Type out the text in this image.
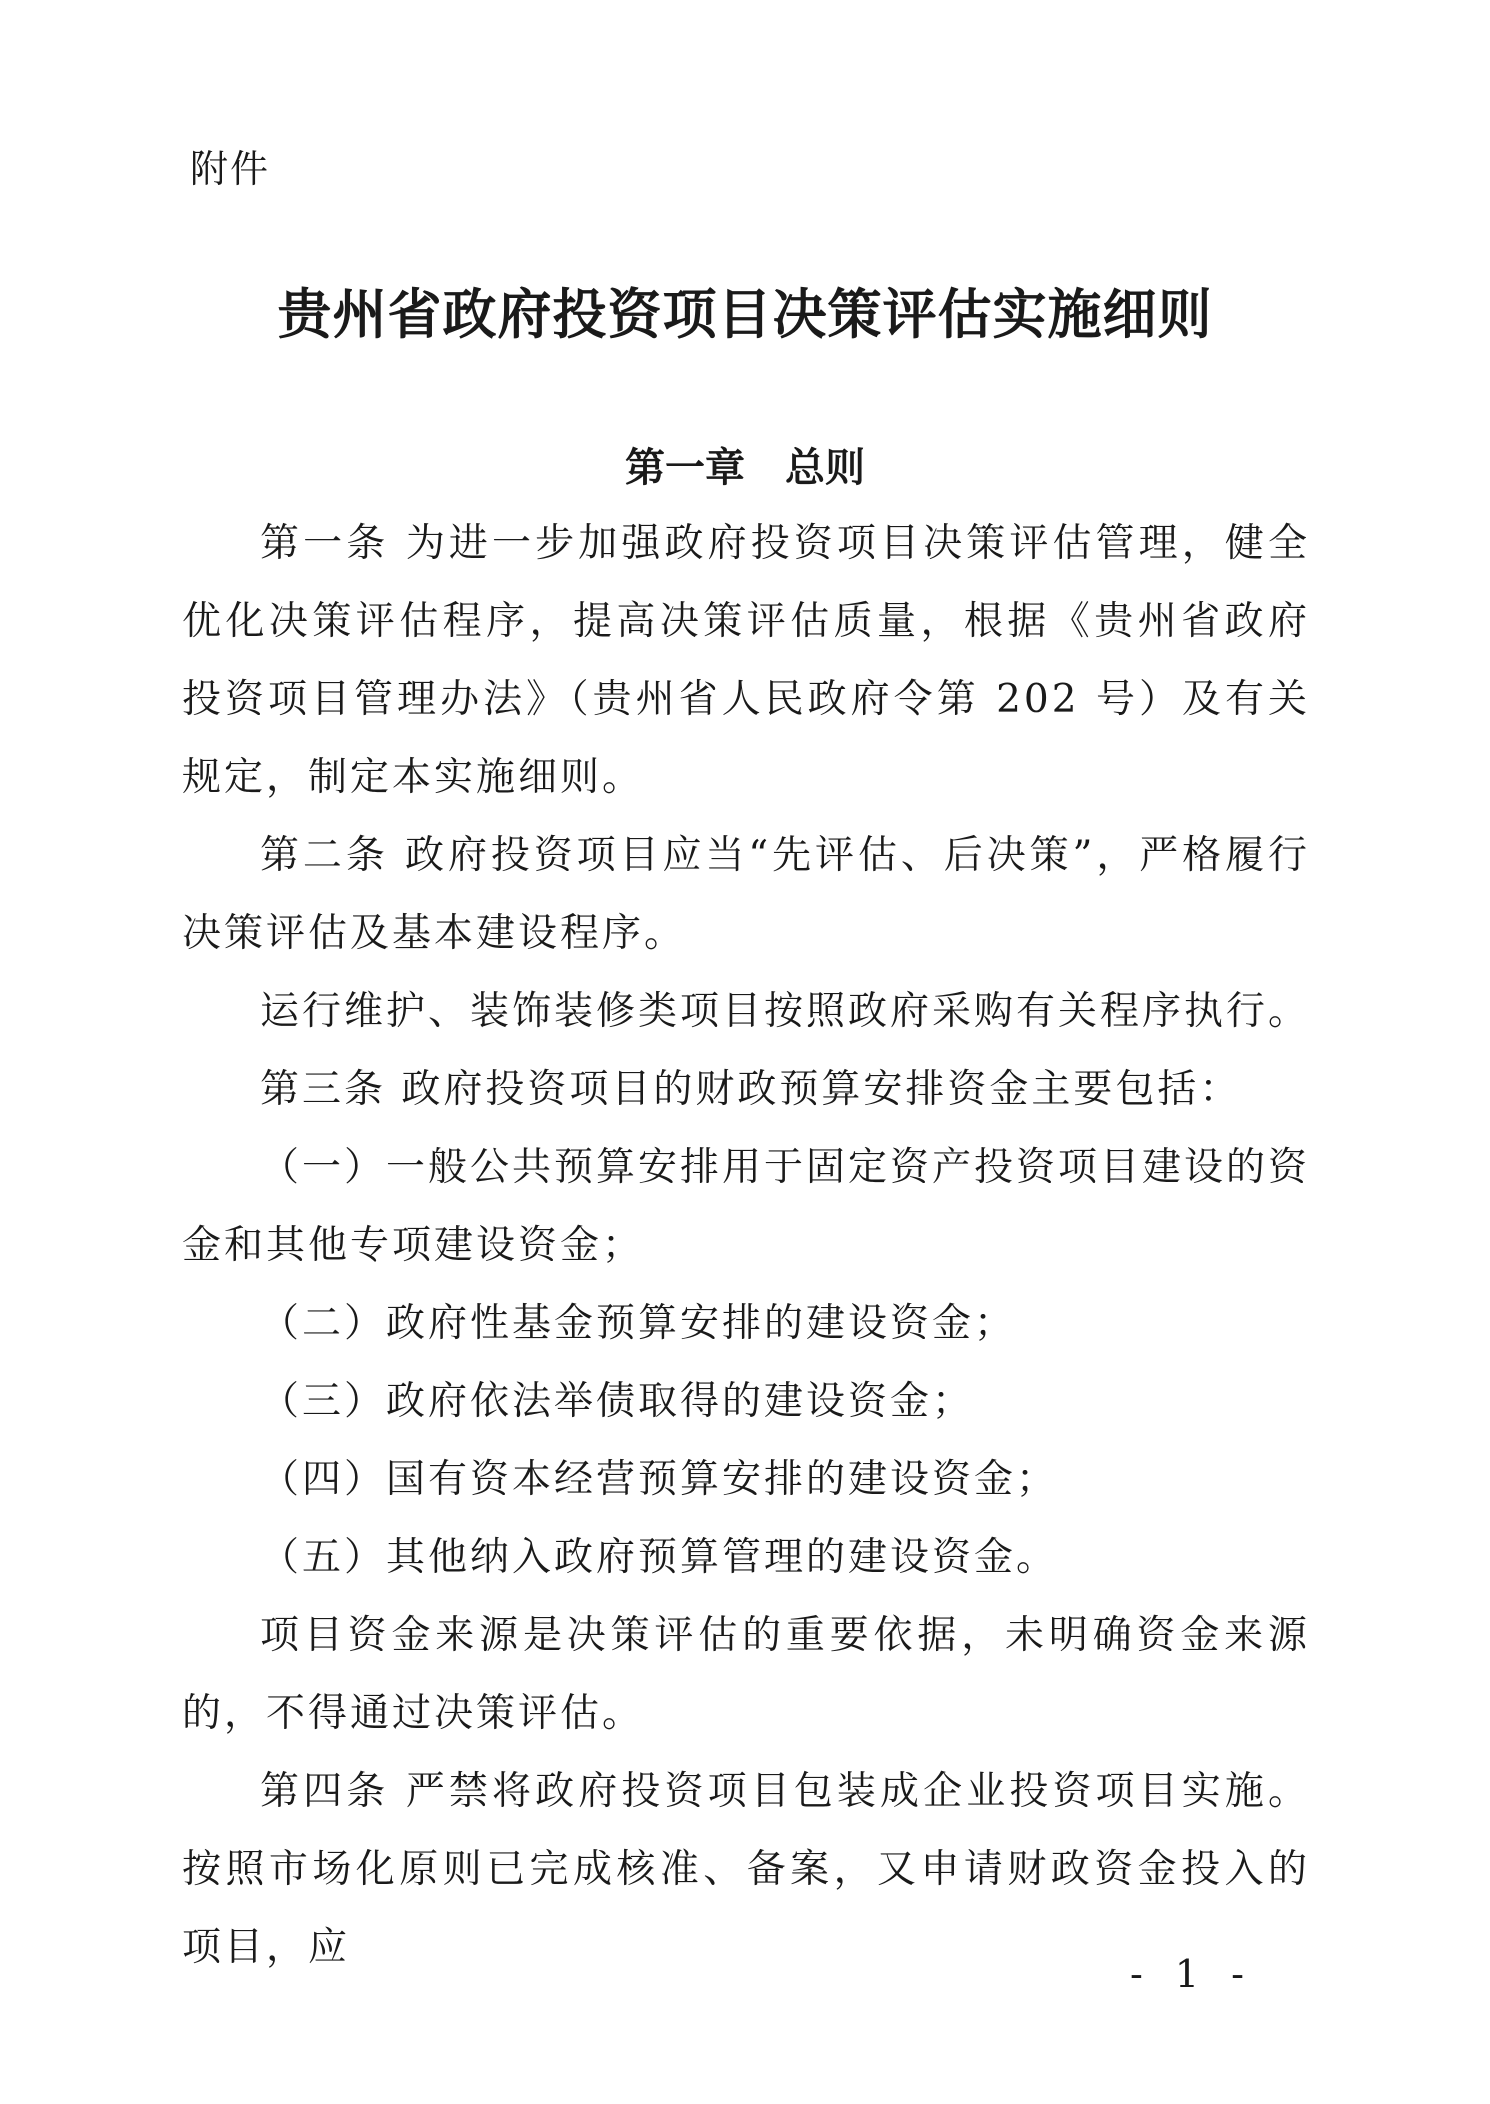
附件
贵州省政府投资项目决策评估实施细则
第一章　总则

第一条 为进一步加强政府投资项目决策评估管理，健全优化决策评估程序，提高决策评估质量，根据《贵州省政府投资项目管理办法》（贵州省人民政府令第 202 号）及有关规定，制定本实施细则。

第二条 政府投资项目应当“先评估、后决策”，严格履行决策评估及基本建设程序。

运行维护、装饰装修类项目按照政府采购有关程序执行。

第三条 政府投资项目的财政预算安排资金主要包括：

（一）一般公共预算安排用于固定资产投资项目建设的资金和其他专项建设资金；

（二）政府性基金预算安排的建设资金；

（三）政府依法举债取得的建设资金；

（四）国有资本经营预算安排的建设资金；

（五）其他纳入政府预算管理的建设资金。

项目资金来源是决策评估的重要依据，未明确资金来源的，不得通过决策评估。

第四条 严禁将政府投资项目包装成企业投资项目实施。按照市场化原则已完成核准、备案，又申请财政资金投入的项目，应

- 1 -
